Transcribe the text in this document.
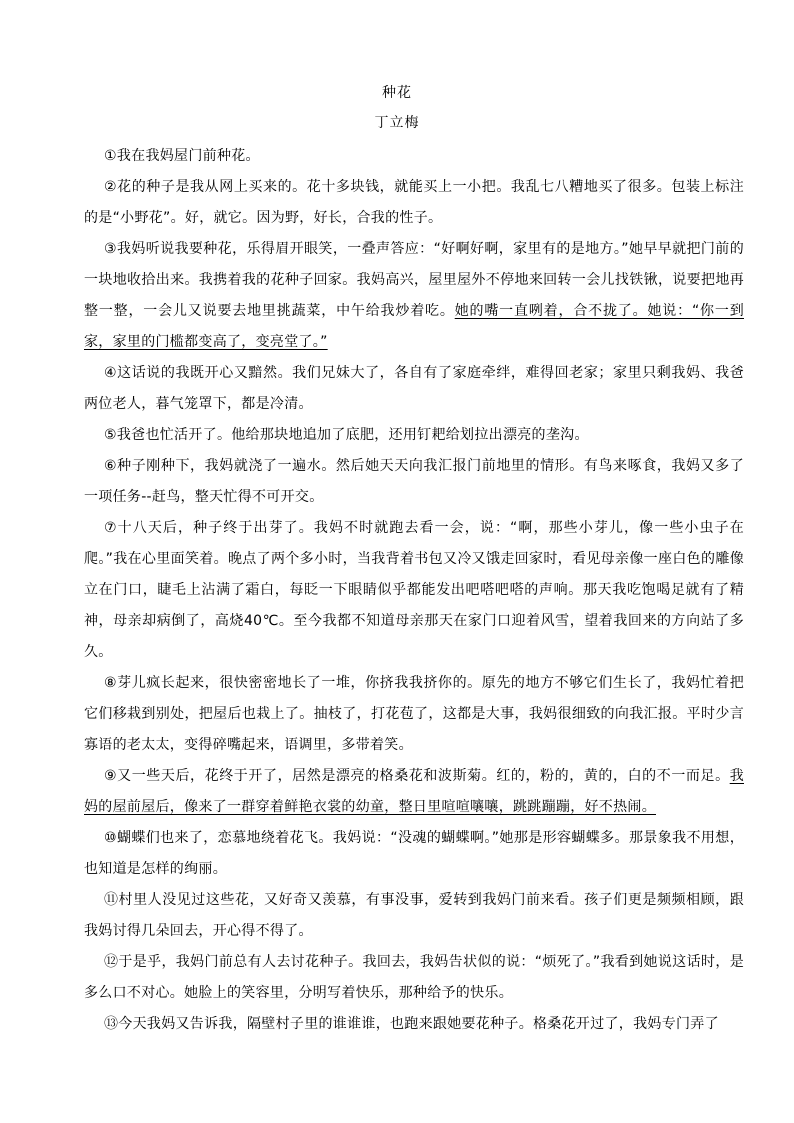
种花
丁立梅

①我在我妈屋门前种花。

②花的种子是我从网上买来的。花十多块钱，就能买上一小把。我乱七八糟地买了很多。包装上标注的是“小野花”。好，就它。因为野，好长，合我的性子。

③我妈听说我要种花，乐得眉开眼笑，一叠声答应：“好啊好啊，家里有的是地方。”她早早就把门前的一块地收拾出来。我携着我的花种子回家。我妈高兴，屋里屋外不停地来回转一会儿找铁锹，说要把地再整一整，一会儿又说要去地里挑蔬菜，中午给我炒着吃。她的嘴一直咧着，合不拢了。她说：“你一到家，家里的门槛都变高了，变亮堂了。”

④这话说的我既开心又黯然。我们兄妹大了，各自有了家庭牵绊，难得回老家；家里只剩我妈、我爸两位老人，暮气笼罩下，都是冷清。

⑤我爸也忙活开了。他给那块地追加了底肥，还用钉耙给划拉出漂亮的垄沟。

⑥种子刚种下，我妈就浇了一遍水。然后她天天向我汇报门前地里的情形。有鸟来啄食，我妈又多了一项任务--赶鸟，整天忙得不可开交。

⑦十八天后，种子终于出芽了。我妈不时就跑去看一会，说：“啊，那些小芽儿，像一些小虫子在爬。”我在心里面笑着。晚点了两个多小时，当我背着书包又冷又饿走回家时，看见母亲像一座白色的雕像立在门口，睫毛上沾满了霜白，每眨一下眼睛似乎都能发出吧嗒吧嗒的声响。那天我吃饱喝足就有了精神，母亲却病倒了，高烧40℃。至今我都不知道母亲那天在家门口迎着风雪，望着我回来的方向站了多久。

⑧芽儿疯长起来，很快密密地长了一堆，你挤我我挤你的。原先的地方不够它们生长了，我妈忙着把它们移栽到别处，把屋后也栽上了。抽枝了，打花苞了，这都是大事，我妈很细致的向我汇报。平时少言寡语的老太太，变得碎嘴起来，语调里，多带着笑。

⑨又一些天后，花终于开了，居然是漂亮的格桑花和波斯菊。红的，粉的，黄的，白的不一而足。我妈的屋前屋后，像来了一群穿着鲜艳衣裳的幼童，整日里喧喧嚷嚷，跳跳蹦蹦，好不热闹。

⑩蝴蝶们也来了，恋慕地绕着花飞。我妈说：“没魂的蝴蝶啊。”她那是形容蝴蝶多。那景象我不用想，也知道是怎样的绚丽。

⑪村里人没见过这些花，又好奇又羡慕，有事没事，爱转到我妈门前来看。孩子们更是频频相顾，跟我妈讨得几朵回去，开心得不得了。

⑫于是乎，我妈门前总有人去讨花种子。我回去，我妈告状似的说：“烦死了。”我看到她说这话时，是多么口不对心。她脸上的笑容里，分明写着快乐，那种给予的快乐。

⑬今天我妈又告诉我，隔壁村子里的谁谁谁，也跑来跟她要花种子。格桑花开过了，我妈专门弄了
